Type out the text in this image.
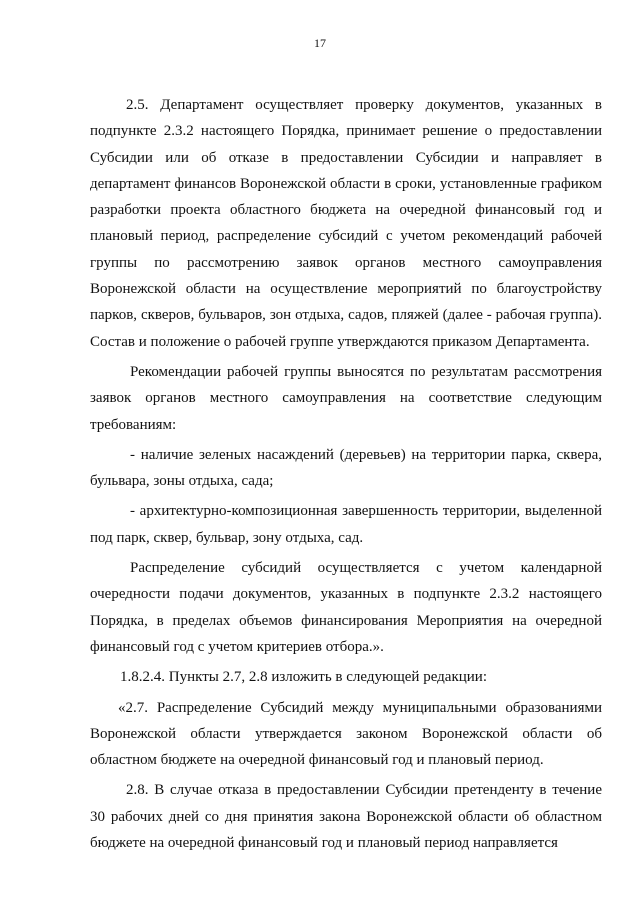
17

2.5. Департамент осуществляет проверку документов, указанных в подпункте 2.3.2 настоящего Порядка, принимает решение о предоставлении Субсидии или об отказе в предоставлении Субсидии и направляет в департамент финансов Воронежской области в сроки, установленные графиком разработки проекта областного бюджета на очередной финансовый год и плановый период, распределение субсидий с учетом рекомендаций рабочей группы по рассмотрению заявок органов местного самоуправления Воронежской области на осуществление мероприятий по благоустройству парков, скверов, бульваров, зон отдыха, садов, пляжей (далее - рабочая группа). Состав и положение о рабочей группе утверждаются приказом Департамента.

Рекомендации рабочей группы выносятся по результатам рассмотрения заявок органов местного самоуправления на соответствие следующим требованиям:

- наличие зеленых насаждений (деревьев) на территории парка, сквера, бульвара, зоны отдыха, сада;

- архитектурно-композиционная завершенность территории, выделенной под парк, сквер, бульвар, зону отдыха, сад.

Распределение субсидий осуществляется с учетом календарной очередности подачи документов, указанных в подпункте 2.3.2 настоящего Порядка, в пределах объемов финансирования Мероприятия на очередной финансовый год с учетом критериев отбора.».

1.8.2.4. Пункты 2.7, 2.8 изложить в следующей редакции:

«2.7. Распределение Субсидий между муниципальными образованиями Воронежской области утверждается законом Воронежской области об областном бюджете на очередной финансовый год и плановый период.

2.8. В случае отказа в предоставлении Субсидии претенденту в течение 30 рабочих дней со дня принятия закона Воронежской области об областном бюджете на очередной финансовый год и плановый период направляется
